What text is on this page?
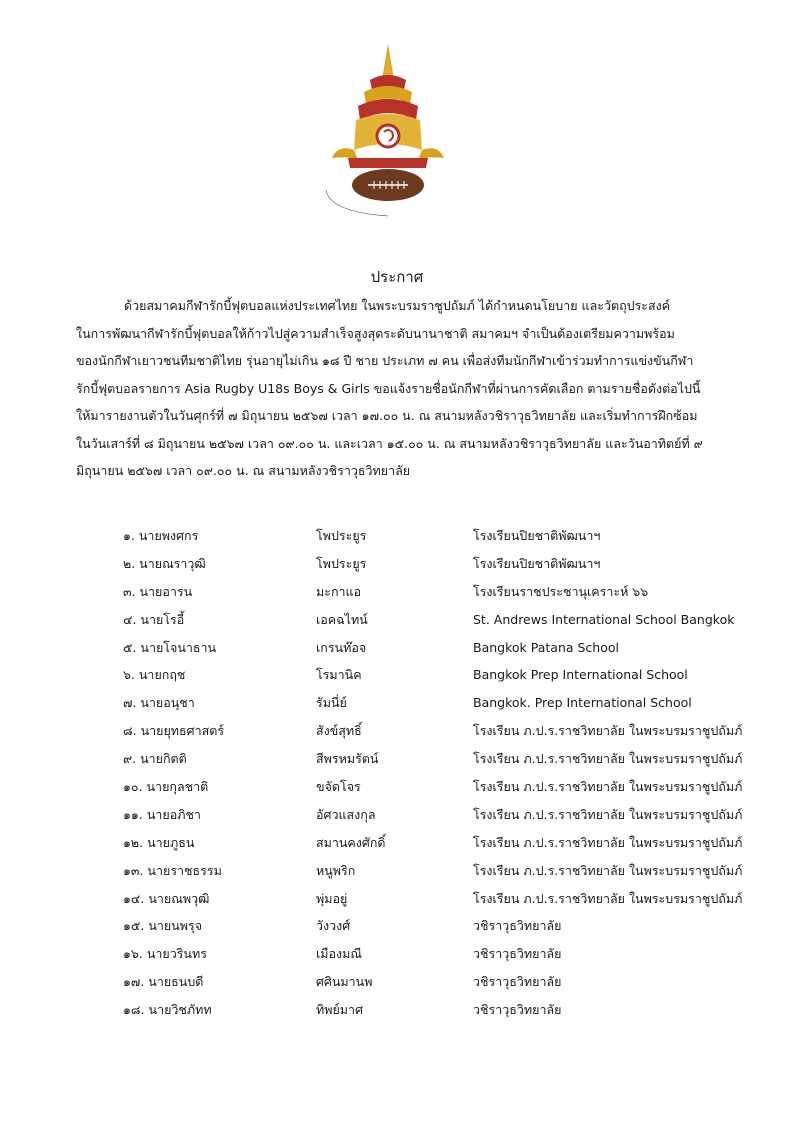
ประกาศ
ด้วยสมาคมกีฬารักบี้ฟุตบอลแห่งประเทศไทย ในพระบรมราชูปถัมภ์ ได้กำหนดนโยบาย และวัตถุประสงค์
ในการพัฒนากีฬารักบี้ฟุตบอลให้ก้าวไปสู่ความสำเร็จสูงสุดระดับนานาชาติ สมาคมฯ จำเป็นต้องเตรียมความพร้อม
ของนักกีฬาเยาวชนทีมชาติไทย รุ่นอายุไม่เกิน ๑๘ ปี ชาย ประเภท ๗ คน เพื่อส่งทีมนักกีฬาเข้าร่วมทำการแข่งขันกีฬา
รักบี้ฟุตบอลรายการ Asia Rugby U18s Boys & Girls ขอแจ้งรายชื่อนักกีฬาที่ผ่านการคัดเลือก ตามรายชื่อดังต่อไปนี้
ให้มารายงานตัวในวันศุกร์ที่ ๗ มิถุนายน ๒๕๖๗ เวลา ๑๗.๐๐ น. ณ สนามหลังวชิราวุธวิทยาลัย และเริ่มทำการฝึกซ้อม
ในวันเสาร์ที่ ๘ มิถุนายน ๒๕๖๗ เวลา ๐๙.๐๐ น. และเวลา ๑๕.๐๐ น. ณ สนามหลังวชิราวุธวิทยาลัย และวันอาทิตย์ที่ ๙
มิถุนายน ๒๕๖๗ เวลา ๐๙.๐๐ น. ณ สนามหลังวชิราวุธวิทยาลัย
๑. นายพงศกร	โพประยูร	โรงเรียนปิยชาติพัฒนาฯ
๒. นายณราวุฒิ	โพประยูร	โรงเรียนปิยชาติพัฒนาฯ
๓. นายอารน	มะกาแอ	โรงเรียนราชประชานุเคราะห์ ๖๖
๔. นายโรอี้	เอคฉไทน์	St. Andrews International School Bangkok
๕. นายโจนาธาน	เกรนท๊อจ	Bangkok Patana School
๖. นายกฤช	โรมานิค	Bangkok Prep International School
๗. นายอนุชา	รัมนี่ย์	Bangkok. Prep International School
๘. นายยุทธศาสตร์	สังข์สุทธิ์	โรงเรียน ภ.ป.ร.ราชวิทยาลัย ในพระบรมราชูปถัมภ์
๙. นายกิตติ	สีพรหมรัตน์	โรงเรียน ภ.ป.ร.ราชวิทยาลัย ในพระบรมราชูปถัมภ์
๑๐. นายกุลชาติ	ขจัดโจร	โรงเรียน ภ.ป.ร.ราชวิทยาลัย ในพระบรมราชูปถัมภ์
๑๑. นายอภิชา	อัศวแสงกุล	โรงเรียน ภ.ป.ร.ราชวิทยาลัย ในพระบรมราชูปถัมภ์
๑๒. นายภูธน	สมานคงศักดิ์	โรงเรียน ภ.ป.ร.ราชวิทยาลัย ในพระบรมราชูปถัมภ์
๑๓. นายราชธรรม	หนูพริก	โรงเรียน ภ.ป.ร.ราชวิทยาลัย ในพระบรมราชูปถัมภ์
๑๔. นายณพวุฒิ	พุ่มอยู่	โรงเรียน ภ.ป.ร.ราชวิทยาลัย ในพระบรมราชูปถัมภ์
๑๕. นายนพรุจ	วังวงศ์	วชิราวุธวิทยาลัย
๑๖. นายวรินทร	เมืองมณี	วชิราวุธวิทยาลัย
๑๗. นายธนบดี	ศศินมานพ	วชิราวุธวิทยาลัย
๑๘. นายวิชภัทท	ทิพย์มาศ	วชิราวุธวิทยาลัย
